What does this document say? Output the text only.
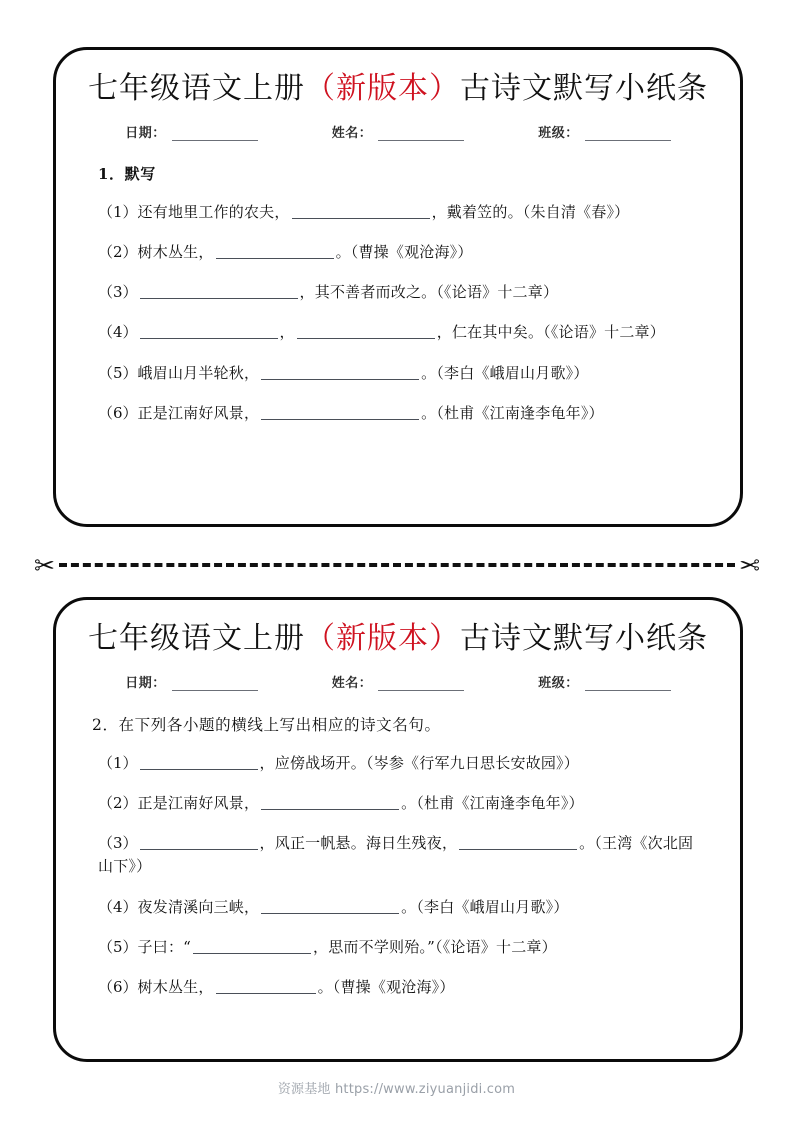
七年级语文上册（新版本）古诗文默写小纸条
日期：	姓名：	班级：
1．默写
（1）还有地里工作的农夫，	，戴着笠的。（朱自清《春》）
（2）树木丛生，	。（曹操《观沧海》）
（3）	，其不善者而改之。（《论语》十二章）
（4）	，	，仁在其中矣。（《论语》十二章）
（5）峨眉山月半轮秋，	。（李白《峨眉山月歌》）
（6）正是江南好风景，	。（杜甫《江南逢李龟年》）
✂	✂
七年级语文上册（新版本）古诗文默写小纸条
日期：	姓名：	班级：
2．在下列各小题的横线上写出相应的诗文名句。
（1）	，应傍战场开。（岑参《行军九日思长安故园》）
（2）正是江南好风景，	。（杜甫《江南逢李龟年》）
（3）	，风正一帆悬。海日生残夜，	。（王湾《次北固山下》）
（4）夜发清溪向三峡，	。（李白《峨眉山月歌》）
（5）子曰：“	，思而不学则殆。”（《论语》十二章）
（6）树木丛生，	。（曹操《观沧海》）
资源基地 https://www.ziyuanjidi.com
